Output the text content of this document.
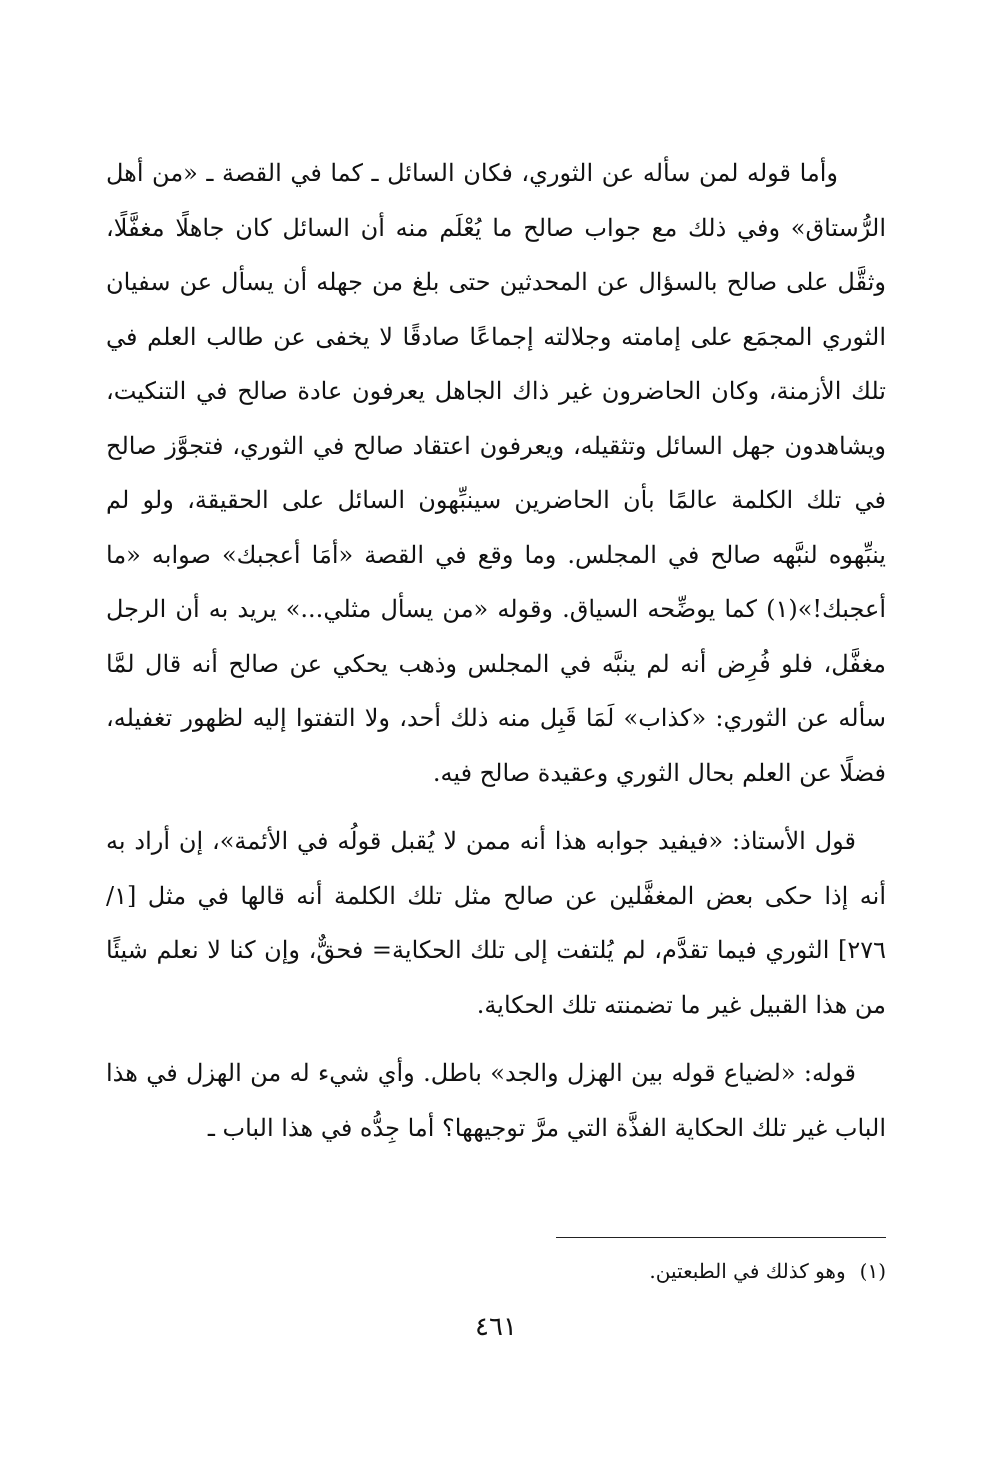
وأما قوله لمن سأله عن الثوري، فكان السائل ـ كما في القصة ـ «من أهل الرُّستاق» وفي ذلك مع جواب صالح ما يُعْلَم منه أن السائل كان جاهلًا مغفَّلًا، وثقَّل على صالح بالسؤال عن المحدثين حتى بلغ من جهله أن يسأل عن سفيان الثوري المجمَع على إمامته وجلالته إجماعًا صادقًا لا يخفى عن طالب العلم في تلك الأزمنة، وكان الحاضرون غير ذاك الجاهل يعرفون عادة صالح في التنكيت، ويشاهدون جهل السائل وتثقيله، ويعرفون اعتقاد صالح في الثوري، فتجوَّز صالح في تلك الكلمة عالمًا بأن الحاضرين سينبِّهون السائل على الحقيقة، ولو لم ينبِّهوه لنبَّهه صالح في المجلس. وما وقع في القصة «أمَا أعجبك» صوابه «ما أعجبك!»(١) كما يوضِّحه السياق. وقوله «من يسأل مثلي...» يريد به أن الرجل مغفَّل، فلو فُرِض أنه لم ينبَّه في المجلس وذهب يحكي عن صالح أنه قال لمَّا سأله عن الثوري: «كذاب» لَمَا قَبِل منه ذلك أحد، ولا التفتوا إليه لظهور تغفيله، فضلًا عن العلم بحال الثوري وعقيدة صالح فيه.

قول الأستاذ: «فيفيد جوابه هذا أنه ممن لا يُقبل قولُه في الأئمة»، إن أراد به أنه إذا حكى بعض المغفَّلين عن صالح مثل تلك الكلمة أنه قالها في مثل [١/ ٢٧٦] الثوري فيما تقدَّم، لم يُلتفت إلى تلك الحكاية= فحقٌّ، وإن كنا لا نعلم شيئًا من هذا القبيل غير ما تضمنته تلك الحكاية.

قوله: «لضياع قوله بين الهزل والجد» باطل. وأي شيء له من الهزل في هذا الباب غير تلك الحكاية الفذَّة التي مرَّ توجيهها؟ أما جِدُّه في هذا الباب ـ

(١)وهو كذلك في الطبعتين.
٤٦١
